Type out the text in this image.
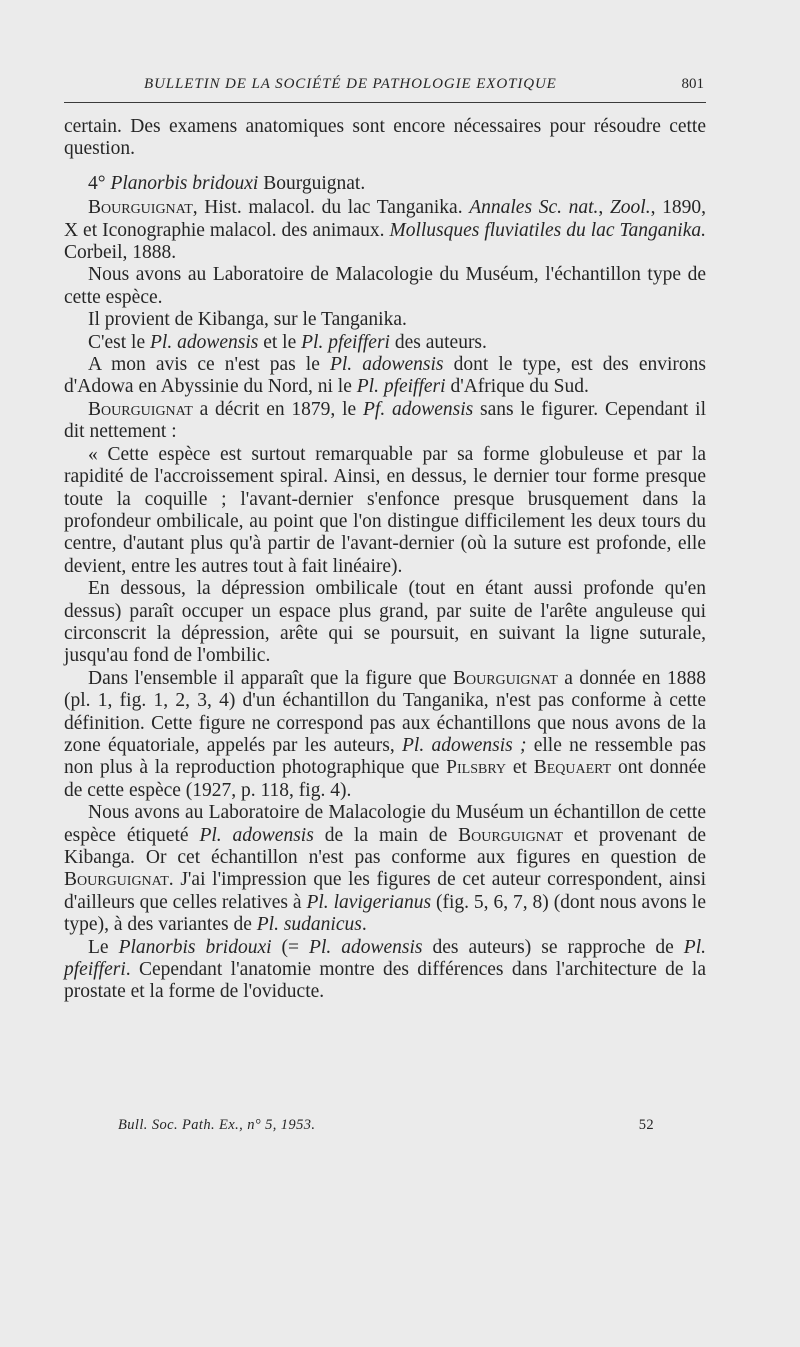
BULLETIN DE LA SOCIÉTÉ DE PATHOLOGIE EXOTIQUE	801

certain. Des examens anatomiques sont encore nécessaires pour résoudre cette question.

4° Planorbis bridouxi Bourguignat.

Bourguignat, Hist. malacol. du lac Tanganika. Annales Sc. nat., Zool., 1890, X et Iconographie malacol. des animaux. Mollusques fluviatiles du lac Tanganika. Corbeil, 1888.

Nous avons au Laboratoire de Malacologie du Muséum, l'échantillon type de cette espèce.

Il provient de Kibanga, sur le Tanganika.

C'est le Pl. adowensis et le Pl. pfeifferi des auteurs.

A mon avis ce n'est pas le Pl. adowensis dont le type, est des environs d'Adowa en Abyssinie du Nord, ni le Pl. pfeifferi d'Afrique du Sud.

Bourguignat a décrit en 1879, le Pf. adowensis sans le figurer. Cependant il dit nettement :

« Cette espèce est surtout remarquable par sa forme globuleuse et par la rapidité de l'accroissement spiral. Ainsi, en dessus, le dernier tour forme presque toute la coquille ; l'avant-dernier s'enfonce presque brusquement dans la profondeur ombilicale, au point que l'on distingue difficilement les deux tours du centre, d'autant plus qu'à partir de l'avant-dernier (où la suture est profonde, elle devient, entre les autres tout à fait linéaire).

En dessous, la dépression ombilicale (tout en étant aussi profonde qu'en dessus) paraît occuper un espace plus grand, par suite de l'arête anguleuse qui circonscrit la dépression, arête qui se poursuit, en suivant la ligne suturale, jusqu'au fond de l'ombilic.

Dans l'ensemble il apparaît que la figure que Bourguignat a donnée en 1888 (pl. 1, fig. 1, 2, 3, 4) d'un échantillon du Tanganika, n'est pas conforme à cette définition. Cette figure ne correspond pas aux échantillons que nous avons de la zone équatoriale, appelés par les auteurs, Pl. adowensis ; elle ne ressemble pas non plus à la reproduction photographique que Pilsbry et Bequaert ont donnée de cette espèce (1927, p. 118, fig. 4).

Nous avons au Laboratoire de Malacologie du Muséum un échantillon de cette espèce étiqueté Pl. adowensis de la main de Bourguignat et provenant de Kibanga. Or cet échantillon n'est pas conforme aux figures en question de Bourguignat. J'ai l'impression que les figures de cet auteur correspondent, ainsi d'ailleurs que celles relatives à Pl. lavigerianus (fig. 5, 6, 7, 8) (dont nous avons le type), à des variantes de Pl. sudanicus.

Le Planorbis bridouxi (= Pl. adowensis des auteurs) se rapproche de Pl. pfeifferi. Cependant l'anatomie montre des différences dans l'architecture de la prostate et la forme de l'oviducte.

Bull. Soc. Path. Ex., n° 5, 1953.	52
